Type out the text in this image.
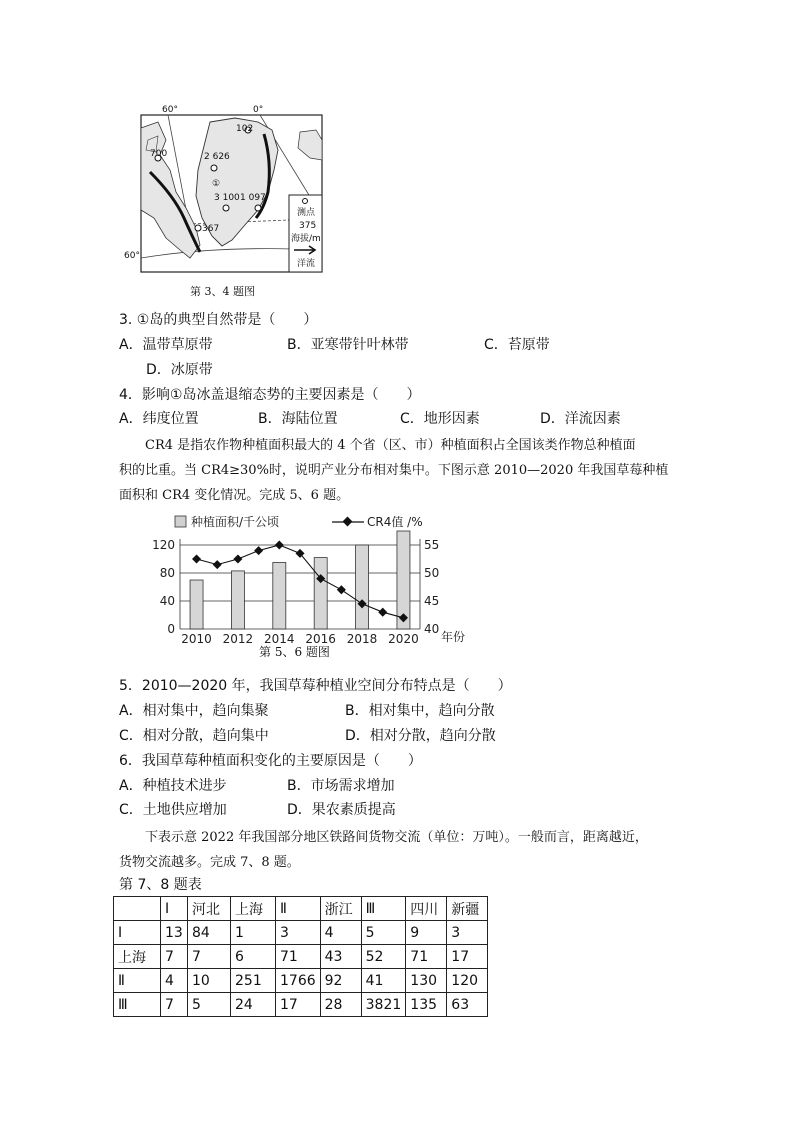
60°	0°
60°
102
700	2 626
①
3 100 1 097
367
测点
375
海拔/m
洋流
第 3、4 题图
3. ①岛的典型自然带是（　　）
A．温带草原带	B．亚寒带针叶林带	C．苔原带
D．冰原带
4．影响①岛冰盖退缩态势的主要因素是（　　）
A．纬度位置	B．海陆位置	C．地形因素	D．洋流因素
CR4 是指农作物种植面积最大的 4 个省（区、市）种植面积占全国该类作物总种植面
积的比重。当 CR4≥30%时，说明产业分布相对集中。下图示意 2010—2020 年我国草莓种植
面积和 CR4 变化情况。完成 5、6 题。
种植面积/千公顷	CR4值 /%
0
40
80
120
40
45
50
55
2010 2012 2014 2016 2018 2020 年份
第 5、6 题图
5．2010—2020 年，我国草莓种植业空间分布特点是（　　）
A．相对集中，趋向集聚	B．相对集中，趋向分散
C．相对分散，趋向集中	D．相对分散，趋向分散
6．我国草莓种植面积变化的主要原因是（　　）
A．种植技术进步	B．市场需求增加
C．土地供应增加	D．果农素质提高
下表示意 2022 年我国部分地区铁路间货物交流（单位：万吨）。一般而言，距离越近，
货物交流越多。完成 7、8 题。
第 7、8 题表
	I	河北	上海	Ⅱ	浙江	Ⅲ	四川	新疆
I	13	84	1	3	4	5	9	3
上海	7	7	6	71	43	52	71	17
Ⅱ	4	10	251	1766	92	41	130	120
Ⅲ	7	5	24	17	28	3821	135	63
